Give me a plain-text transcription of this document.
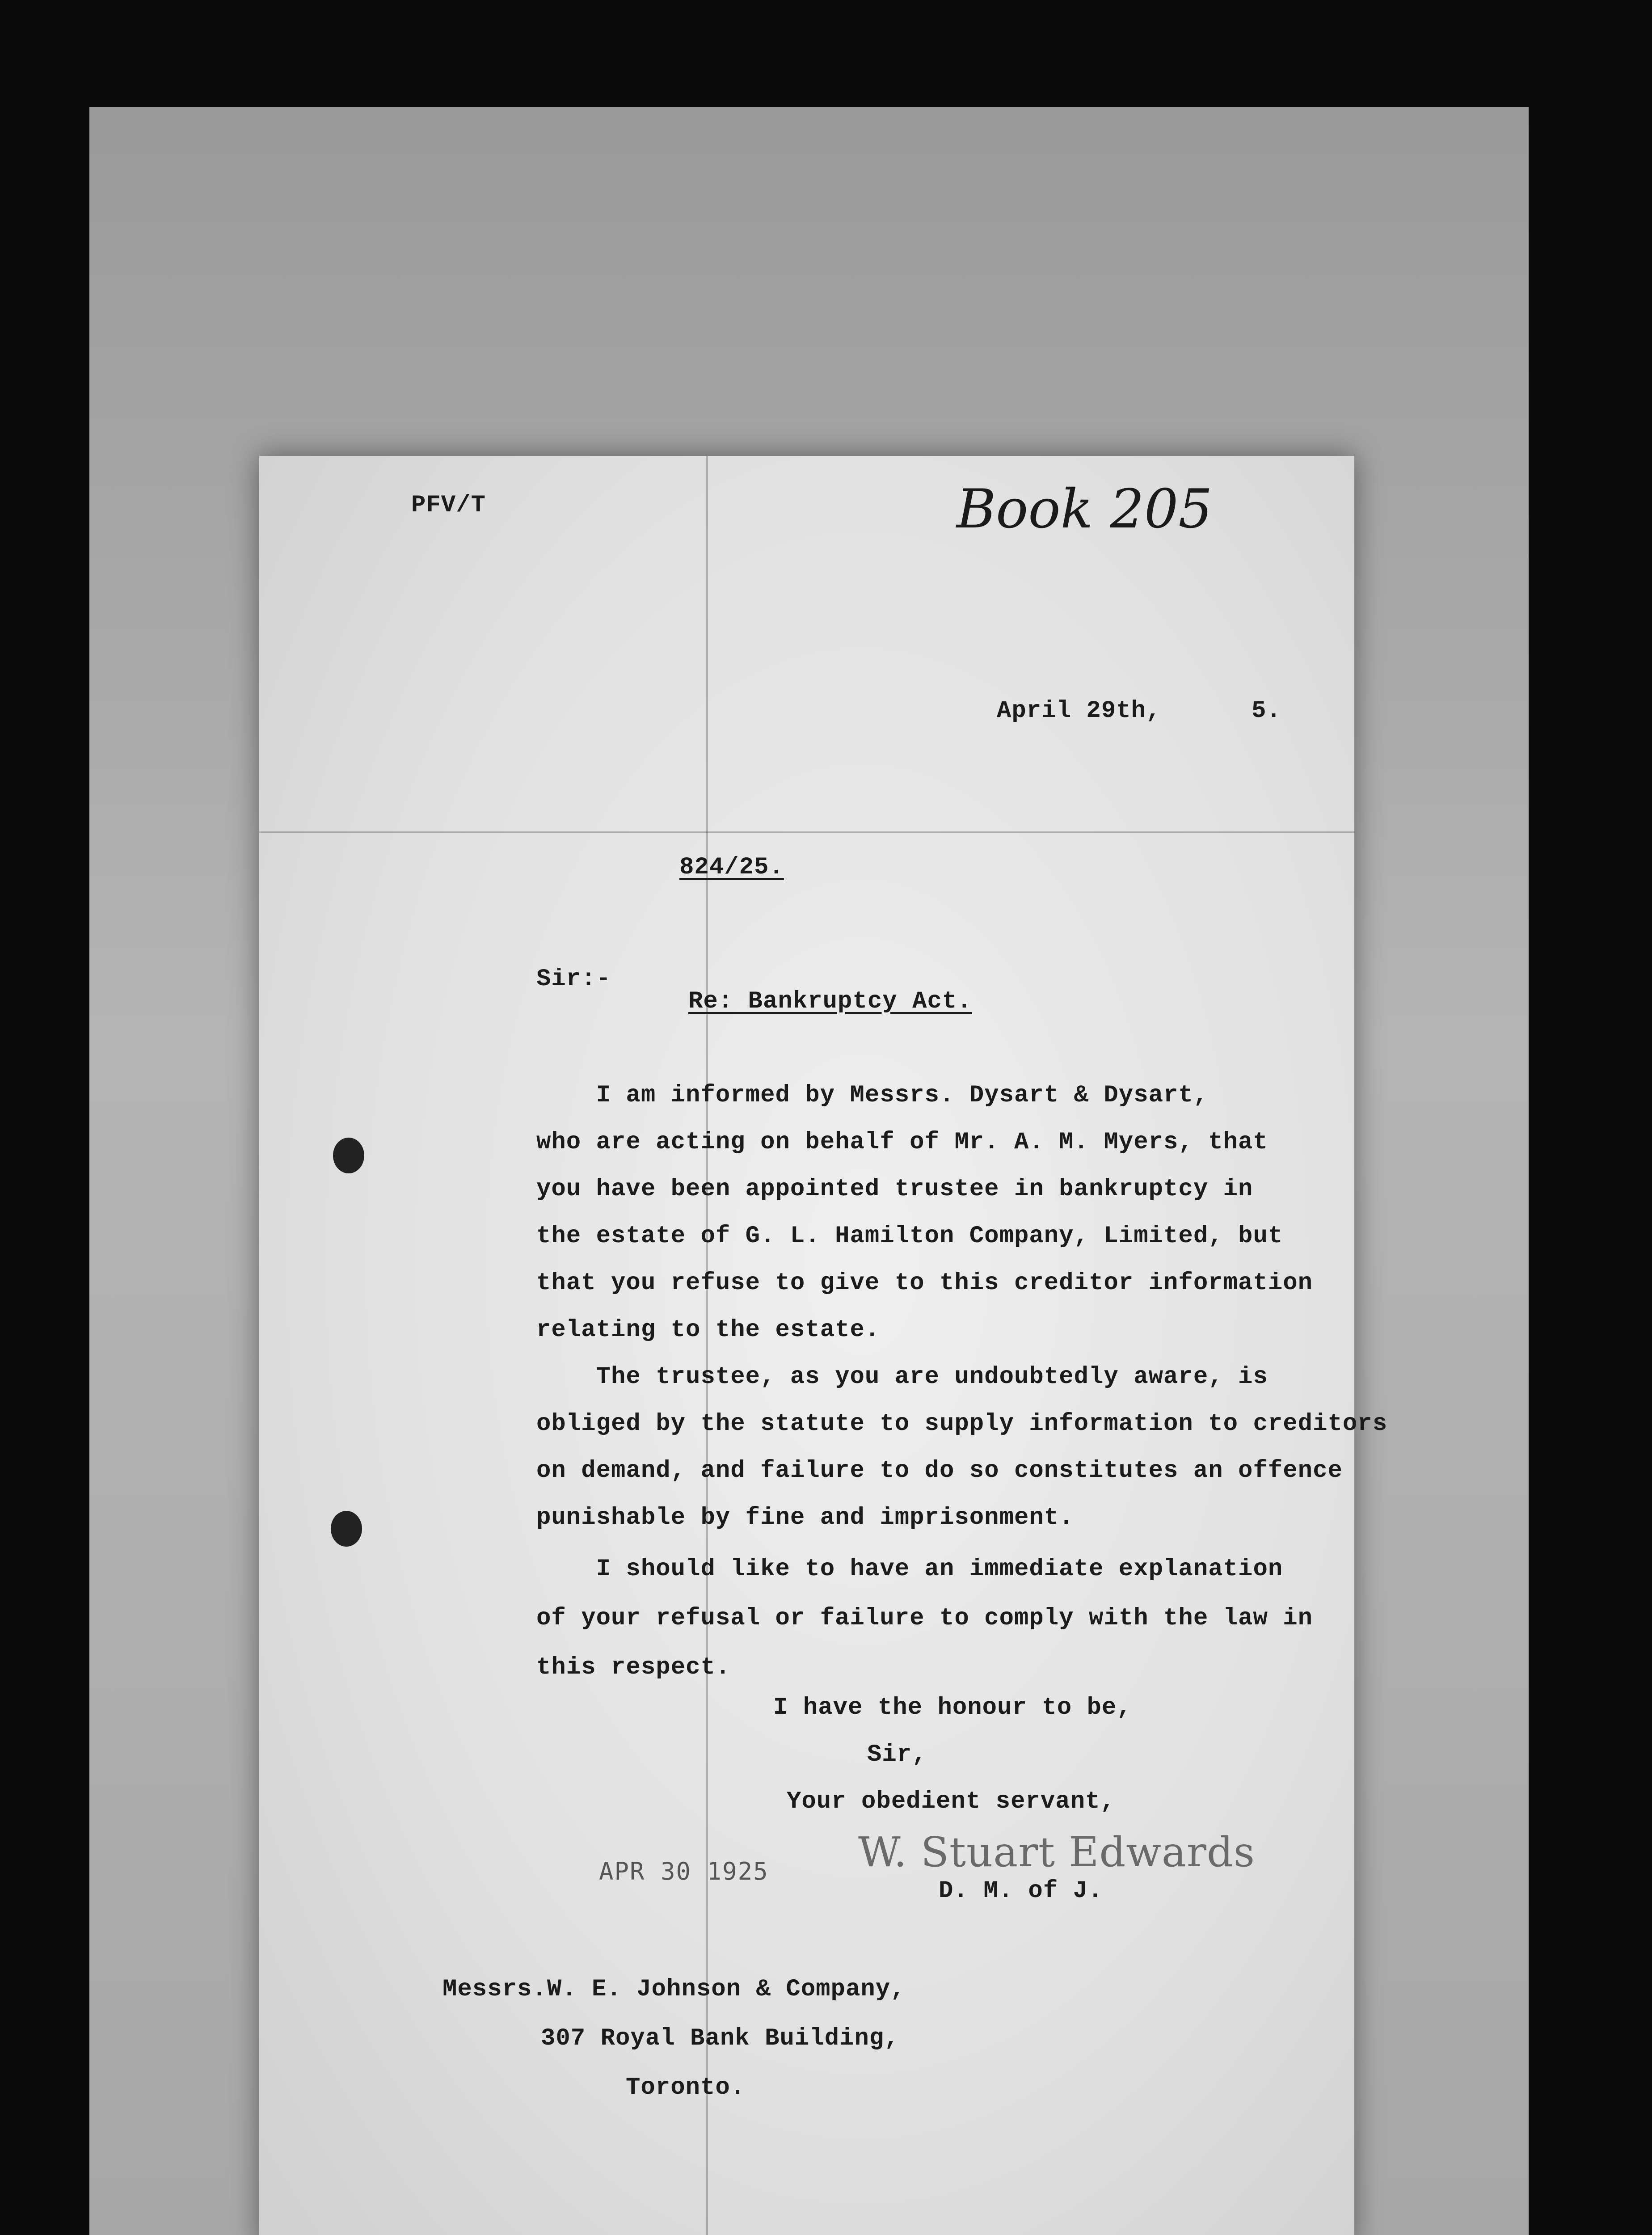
PFV/T	Book 205
April 29th,	5.
824/25.
Sir:-
Re: Bankruptcy Act.
I am informed by Messrs. Dysart & Dysart,
who are acting on behalf of Mr. A. M. Myers, that
you have been appointed trustee in bankruptcy in
the estate of G. L. Hamilton Company, Limited, but
that you refuse to give to this creditor information
relating to the estate.
The trustee, as you are undoubtedly aware, is
obliged by the statute to supply information to creditors
on demand, and failure to do so constitutes an offence
punishable by fine and imprisonment.
I should like to have an immediate explanation
of your refusal or failure to comply with the law in
this respect.
I have the honour to be,
Sir,
Your obedient servant,
APR 30 1925 W. Stuart Edwards
D. M. of J.
Messrs.W. E. Johnson & Company,
307 Royal Bank Building,
Toronto.
